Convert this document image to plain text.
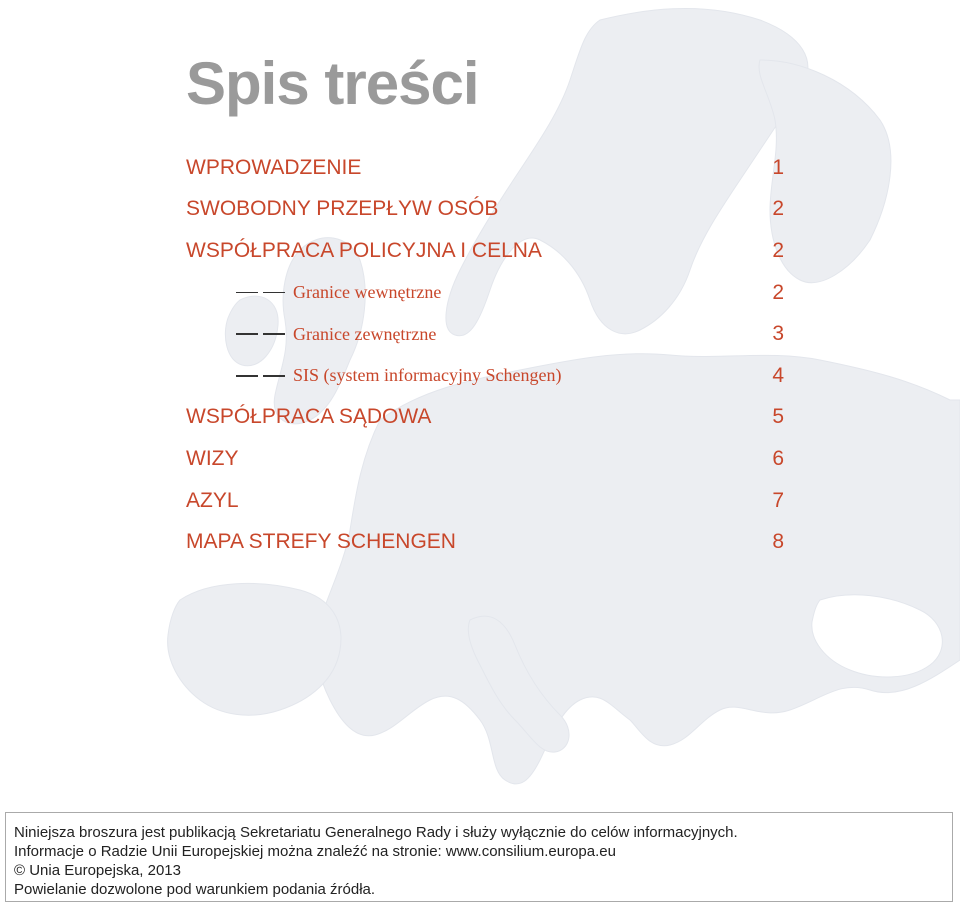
Spis treści
WPROWADZENIE	1
SWOBODNY PRZEPŁYW OSÓB	2
WSPÓŁPRACA POLICYJNA I CELNA	2
Granice wewnętrzne	2
Granice zewnętrzne	3
SIS (system informacyjny Schengen)	4
WSPÓŁPRACA SĄDOWA	5
WIZY	6
AZYL	7
MAPA STREFY SCHENGEN	8
Niniejsza broszura jest publikacją Sekretariatu Generalnego Rady i służy wyłącznie do celów informacyjnych.
Informacje o Radzie Unii Europejskiej można znaleźć na stronie: www.consilium.europa.eu
© Unia Europejska, 2013
Powielanie dozwolone pod warunkiem podania źródła.
